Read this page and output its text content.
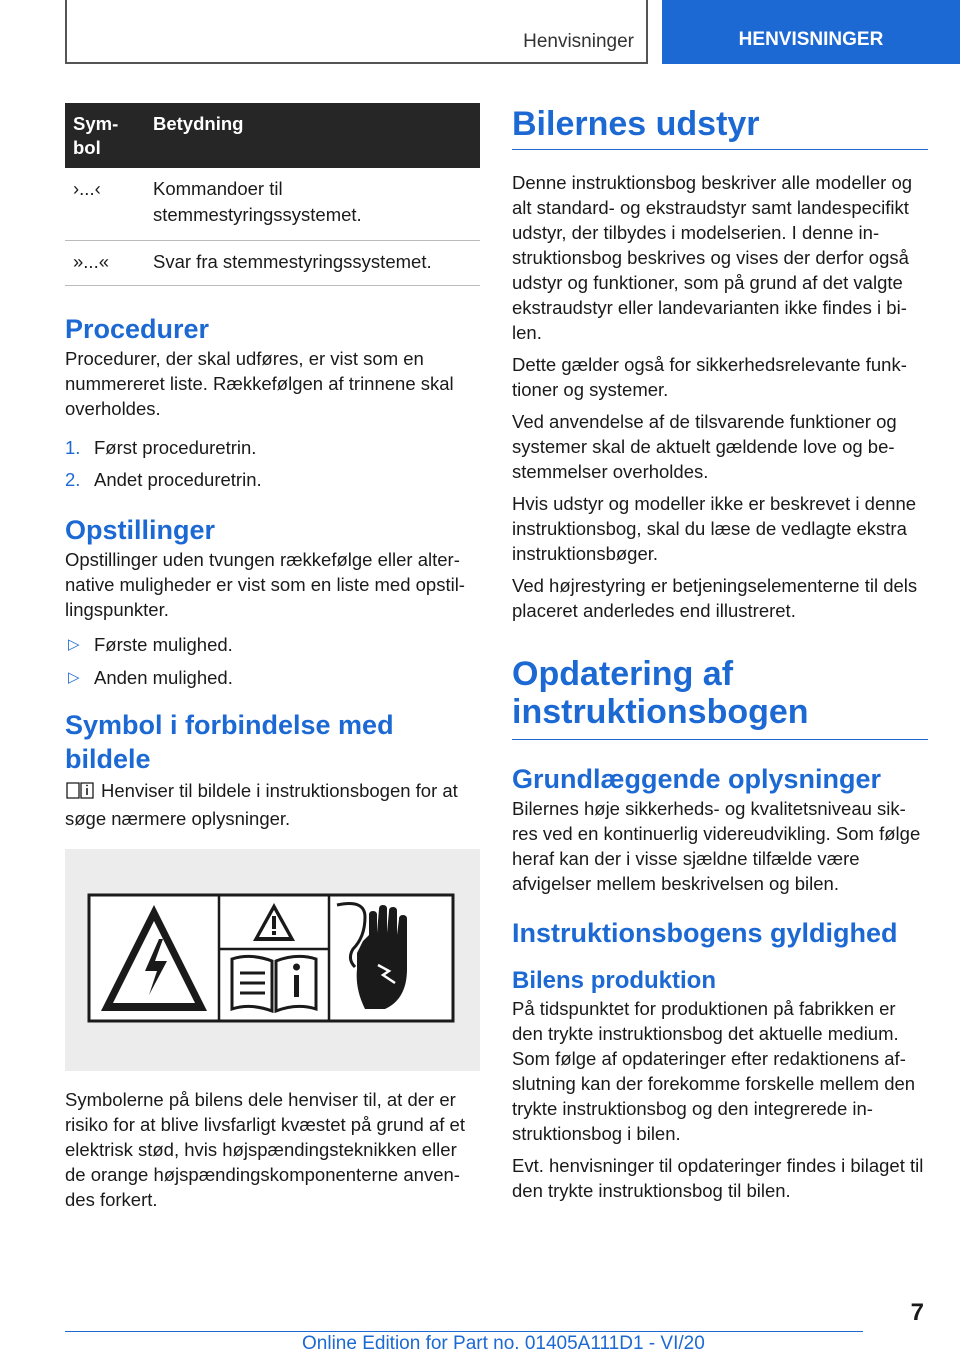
Henvisninger	HENVISNINGER
Sym-
bol	Betydning
›...‹	Kommandoer til stemmestyringssystemet.
»...«	Svar fra stemmestyringssystemet.
Procedurer

Procedurer, der skal udføres, er vist som en nummereret liste. Rækkefølgen af trinnene skal overholdes.

1. Først proceduretrin.
2. Andet proceduretrin.
Opstillinger

Opstillinger uden tvungen rækkefølge eller alter‐native muligheder er vist som en liste med opstil‐lingspunkter.

▷ Første mulighed.
▷ Anden mulighed.
Symbol i forbindelse med bildele

Henviser til bildele i instruktionsbogen for at søge nærmere oplysninger.

Symbolerne på bilens dele henviser til, at der er risiko for at blive livsfarligt kvæstet på grund af et elektrisk stød, hvis højspændingsteknikken eller de orange højspændingskomponenterne anven‐des forkert.

Bilernes udstyr

Denne instruktionsbog beskriver alle modeller og alt standard- og ekstraudstyr samt landespecifikt udstyr, der tilbydes i modelserien. I denne in‐struktionsbog beskrives og vises der derfor også udstyr og funktioner, som på grund af det valgte ekstraudstyr eller landevarianten ikke findes i bi‐len.

Dette gælder også for sikkerhedsrelevante funk‐tioner og systemer.

Ved anvendelse af de tilsvarende funktioner og systemer skal de aktuelt gældende love og be‐stemmelser overholdes.

Hvis udstyr og modeller ikke er beskrevet i denne instruktionsbog, skal du læse de vedlagte ekstra instruktionsbøger.

Ved højrestyring er betjeningselementerne til dels placeret anderledes end illustreret.

Opdatering af instruktionsbogen
Grundlæggende oplysninger

Bilernes høje sikkerheds- og kvalitetsniveau sik‐res ved en kontinuerlig videreudvikling. Som følge heraf kan der i visse sjældne tilfælde være afvigelser mellem beskrivelsen og bilen.

Instruktionsbogens gyldighed
Bilens produktion

På tidspunktet for produktionen på fabrikken er den trykte instruktionsbog det aktuelle medium. Som følge af opdateringer efter redaktionens af‐slutning kan der forekomme forskelle mellem den trykte instruktionsbog og den integrerede in‐struktionsbog i bilen.

Evt. henvisninger til opdateringer findes i bilaget til den trykte instruktionsbog til bilen.

7
Online Edition for Part no. 01405A111D1 - VI/20
